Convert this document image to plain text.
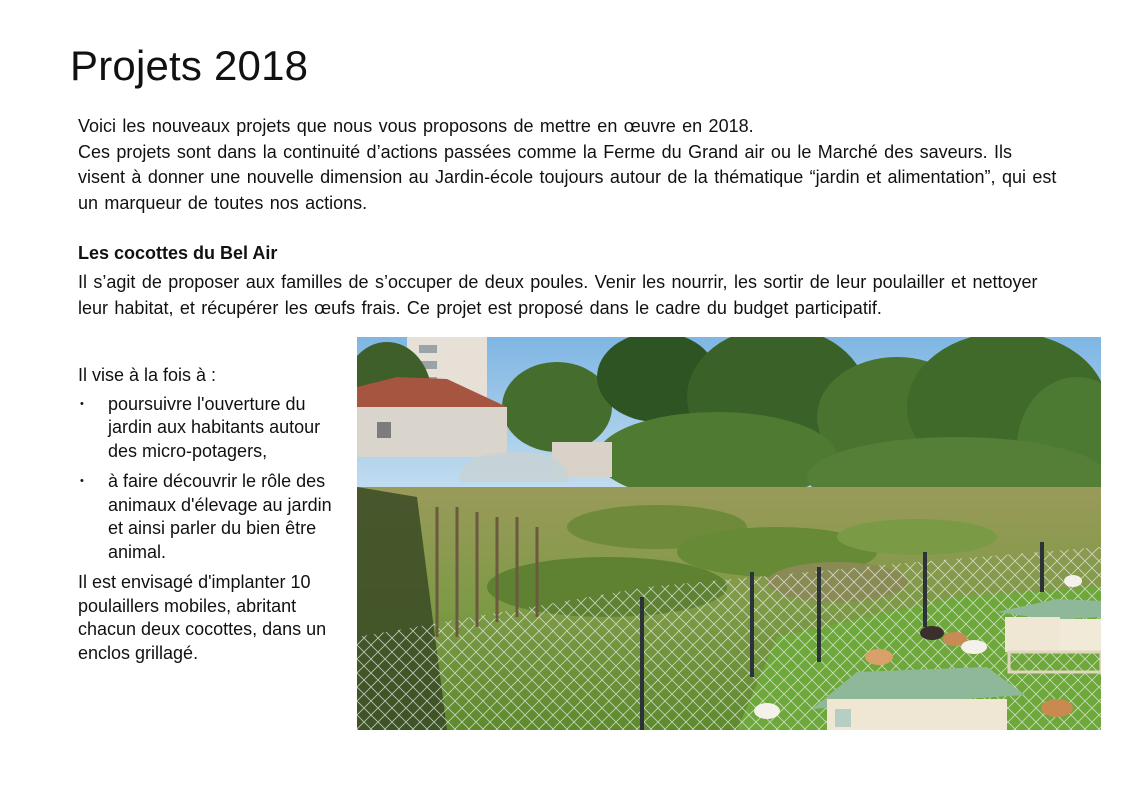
Projets 2018

Voici les nouveaux projets que nous vous proposons de mettre en œuvre en 2018.

Ces projets sont dans la continuité d’actions passées comme la Ferme du Grand air ou le Marché des saveurs. Ils visent à donner une nouvelle dimension au Jardin-école toujours autour de la thématique “jardin et alimentation”, qui est un marqueur de toutes nos actions.

Les cocottes du Bel Air

Il s’agit de proposer aux familles de s’occuper de deux poules. Venir les nourrir, les sortir de leur poulailler et nettoyer leur habitat, et récupérer les œufs frais. Ce projet est proposé dans le cadre du budget participatif.

Il vise à la fois à :

• poursuivre l'ouverture du jardin aux habitants autour des micro-potagers,
• à faire découvrir le rôle des animaux d'élevage au jardin et ainsi parler du bien être animal.

Il est envisagé d'implanter 10 poulaillers mobiles, abritant chacun deux cocottes, dans un enclos grillagé.
